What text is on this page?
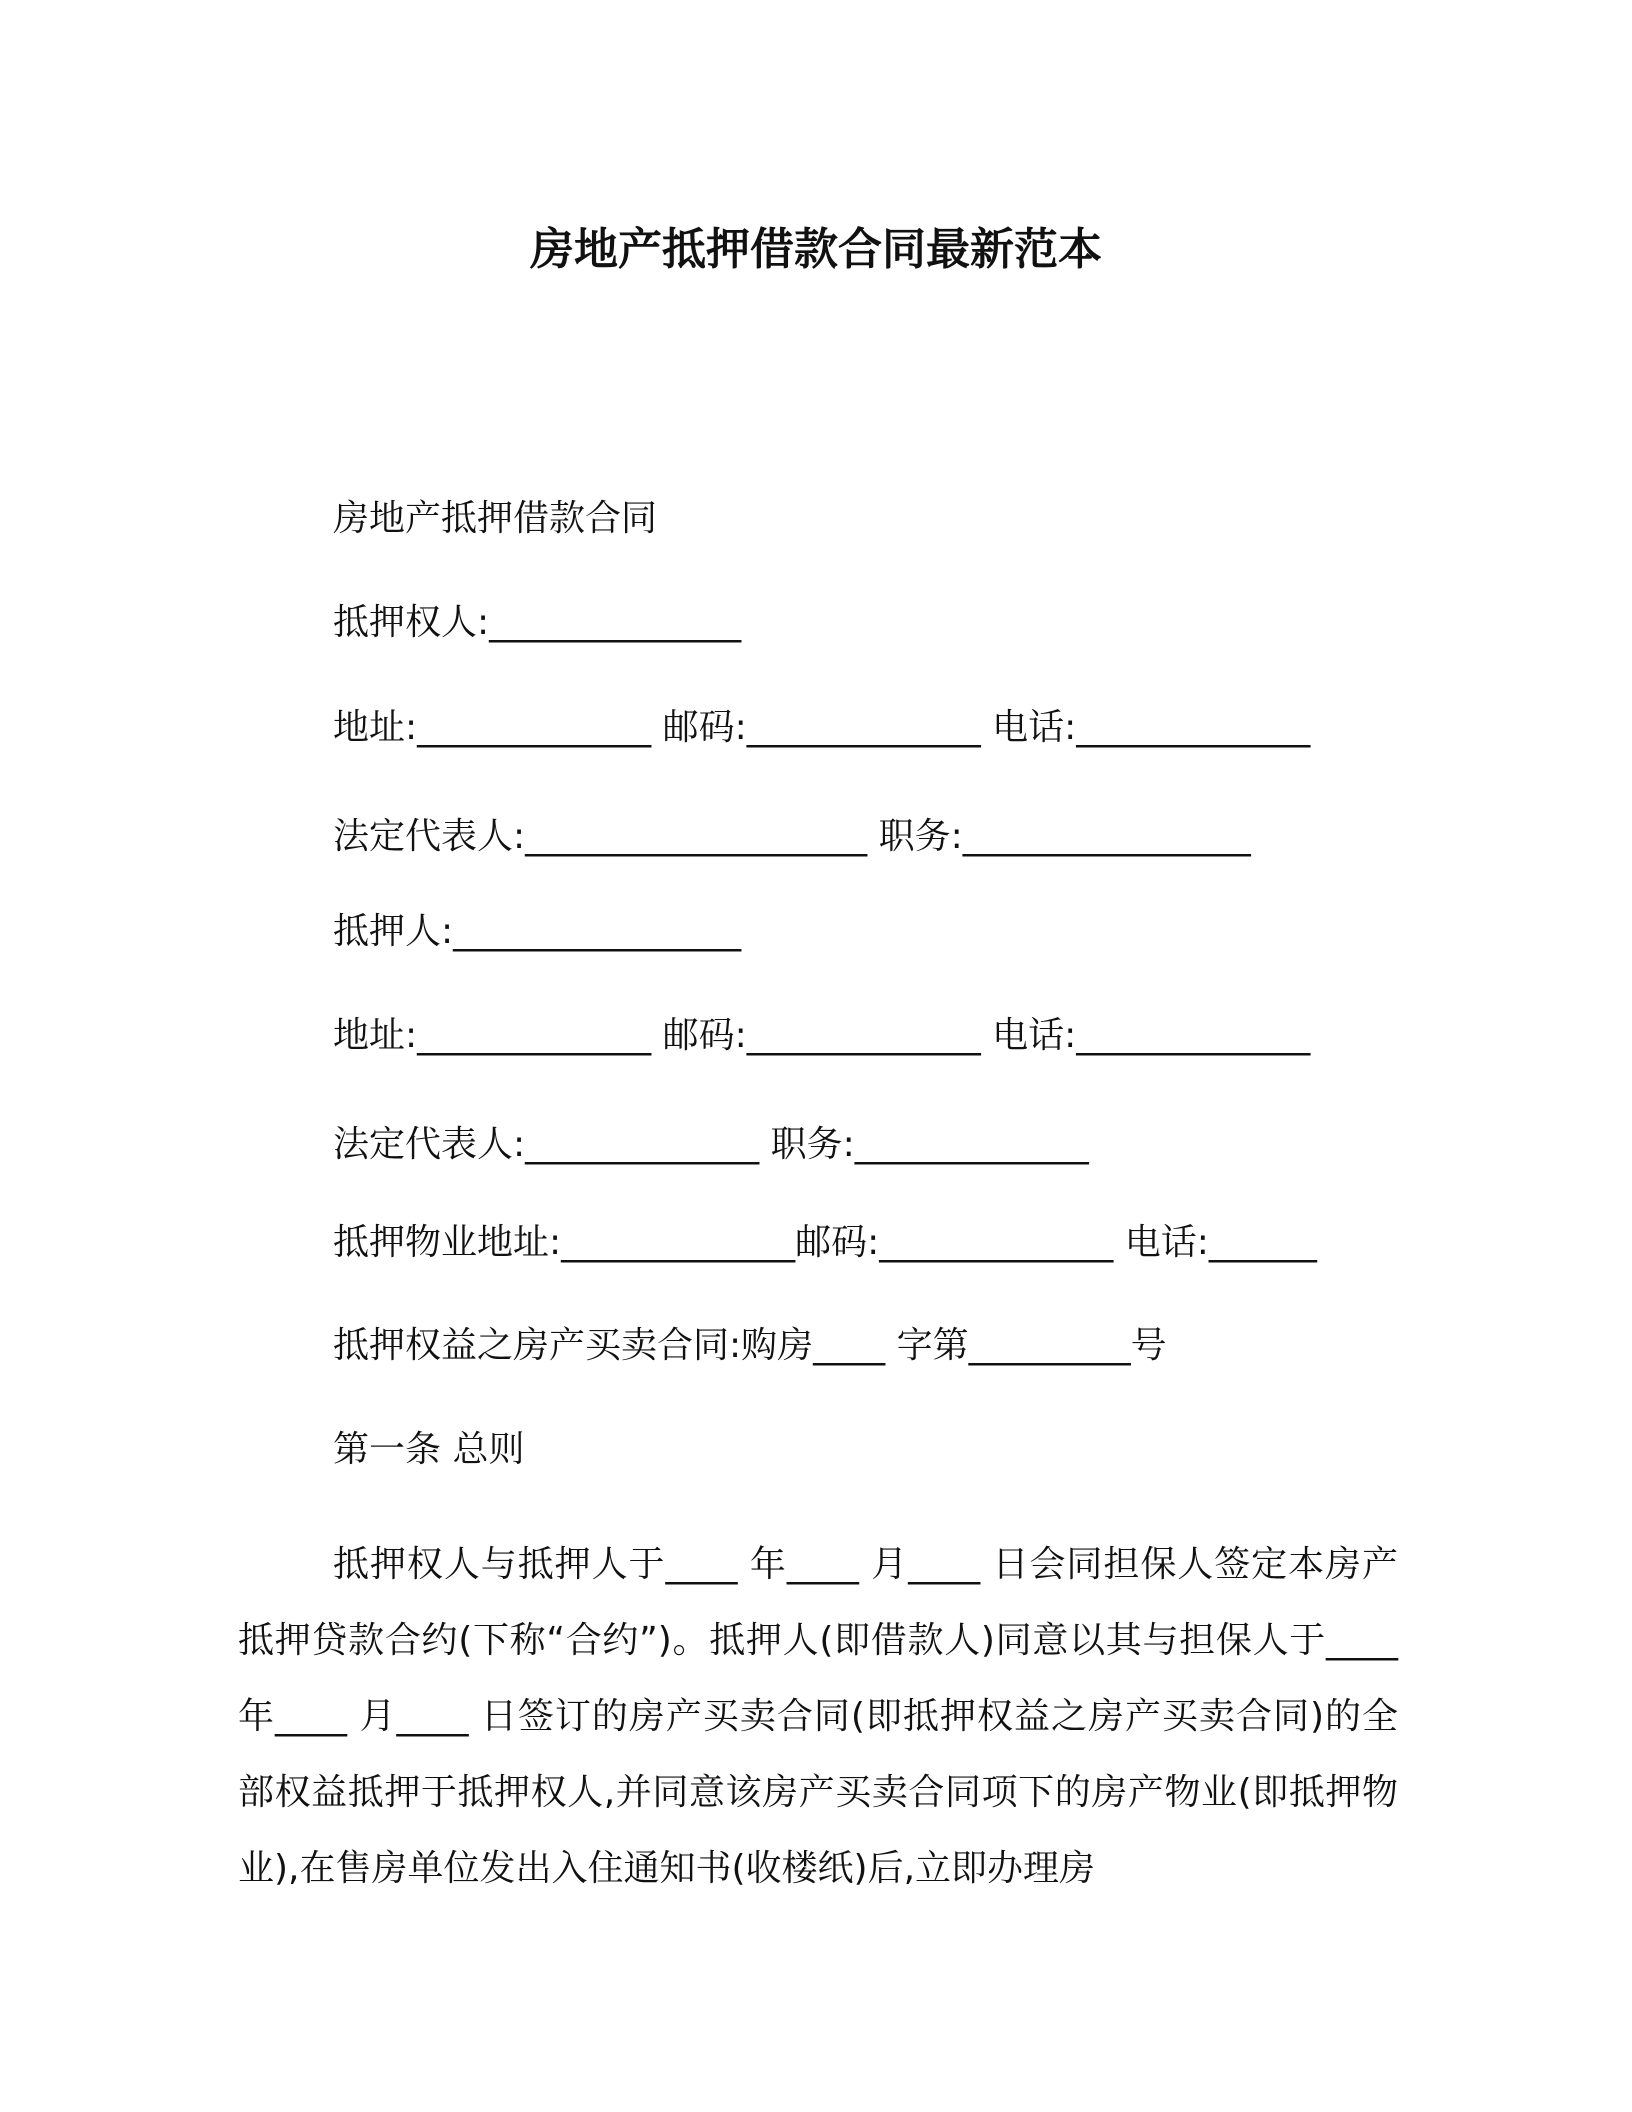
房地产抵押借款合同最新范本
房地产抵押借款合同
抵押权人:______________
地址:_____________ 邮码:_____________ 电话:_____________
法定代表人:___________________ 职务:________________
抵押人:________________
地址:_____________ 邮码:_____________ 电话:_____________
法定代表人:_____________ 职务:_____________
抵押物业地址:_____________邮码:_____________ 电话:______
抵押权益之房产买卖合同:购房____ 字第_________号
第一条 总则
抵押权人与抵押人于____ 年____ 月____ 日会同担保人签定本房产抵押贷款合约(下称“合约”)。抵押人(即借款人)同意以其与担保人于____ 年____ 月____ 日签订的房产买卖合同(即抵押权益之房产买卖合同)的全部权益抵押于抵押权人,并同意该房产买卖合同项下的房产物业(即抵押物业),在售房单位发出入住通知书(收楼纸)后,立即办理房
